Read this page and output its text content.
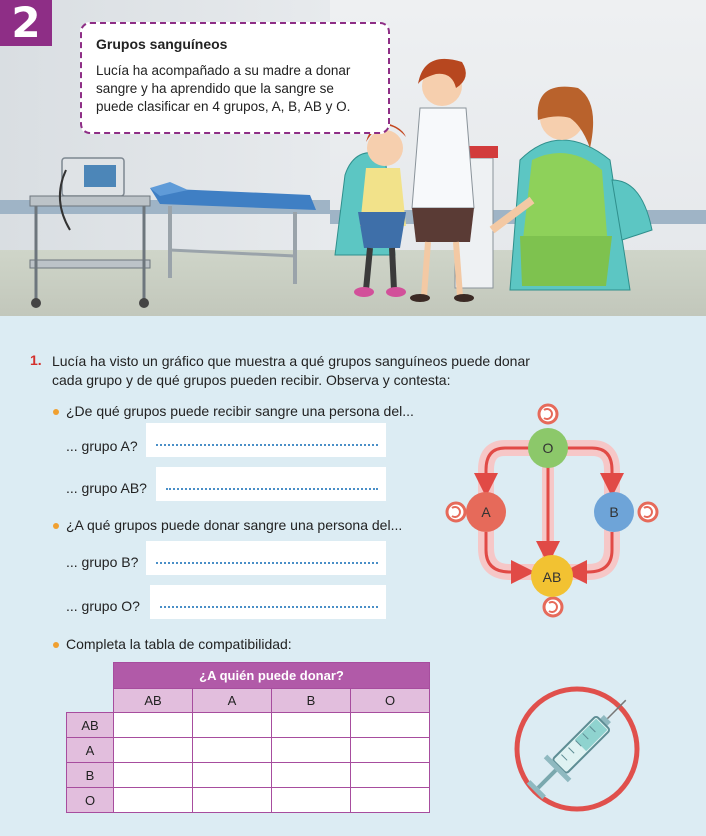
2	Grupos sanguíneos

Lucía ha acompañado a su madre a donar
sangre y ha aprendido que la sangre se
puede clasificar en 4 grupos, A, B, AB y O.

1. Lucía ha visto un gráfico que muestra a qué grupos sanguíneos puede donar
cada grupo y de qué grupos pueden recibir. Observa y contesta:
¿De qué grupos puede recibir sangre una persona del...
... grupo A?
... grupo AB?
¿A qué grupos puede donar sangre una persona del...
... grupo B?
... grupo O?
Completa la tabla de compatibilidad:
O
A	B
AB
	¿A quién puede donar?			
	AB	A	B	O
AB				
A				
B				
O				
